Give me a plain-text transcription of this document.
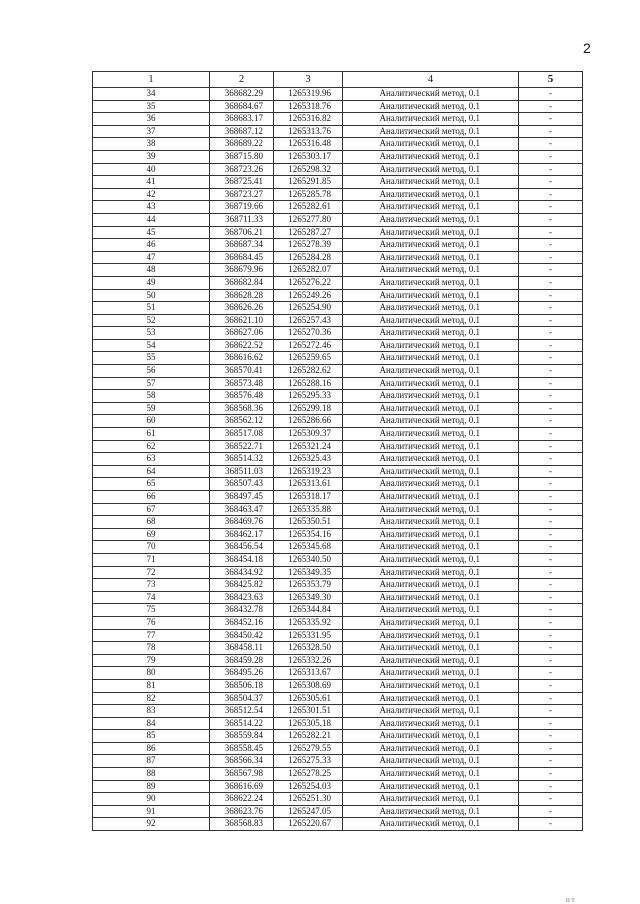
2
1	2	3	4	5
34	368682.29	1265319.96	Аналитический метод, 0.1	-
35	368684.67	1265318.76	Аналитический метод, 0.1	-
36	368683.17	1265316.82	Аналитический метод, 0.1	-
37	368687.12	1265313.76	Аналитический метод, 0.1	-
38	368689.22	1265316.48	Аналитический метод, 0.1	-
39	368715.80	1265303.17	Аналитический метод, 0.1	-
40	368723.26	1265298.32	Аналитический метод, 0.1	-
41	368725.41	1265291.85	Аналитический метод, 0.1	-
42	368723.27	1265285.78	Аналитический метод, 0.1	-
43	368719.66	1265282.61	Аналитический метод, 0.1	-
44	368711.33	1265277.80	Аналитический метод, 0.1	-
45	368706.21	1265287.27	Аналитический метод, 0.1	-
46	368687.34	1265278.39	Аналитический метод, 0.1	-
47	368684.45	1265284.28	Аналитический метод, 0.1	-
48	368679.96	1265282.07	Аналитический метод, 0.1	-
49	368682.84	1265276.22	Аналитический метод, 0.1	-
50	368628.28	1265249.26	Аналитический метод, 0.1	-
51	368626.26	1265254.90	Аналитический метод, 0.1	-
52	368621.10	1265257.43	Аналитический метод, 0.1	-
53	368627.06	1265270.36	Аналитический метод, 0.1	-
54	368622.52	1265272.46	Аналитический метод, 0.1	-
55	368616.62	1265259.65	Аналитический метод, 0.1	-
56	368570.41	1265282.62	Аналитический метод, 0.1	-
57	368573.48	1265288.16	Аналитический метод, 0.1	-
58	368576.48	1265295.33	Аналитический метод, 0.1	-
59	368568.36	1265299.18	Аналитический метод, 0.1	-
60	368562.12	1265286.66	Аналитический метод, 0.1	-
61	368517.08	1265309.37	Аналитический метод, 0.1	-
62	368522.71	1265321.24	Аналитический метод, 0.1	-
63	368514.32	1265325.43	Аналитический метод, 0.1	-
64	368511.03	1265319.23	Аналитический метод, 0.1	-
65	368507.43	1265313.61	Аналитический метод, 0.1	-
66	368497.45	1265318.17	Аналитический метод, 0.1	-
67	368463.47	1265335.88	Аналитический метод, 0.1	-
68	368469.76	1265350.51	Аналитический метод, 0.1	-
69	368462.17	1265354.16	Аналитический метод, 0.1	-
70	368456.54	1265345.68	Аналитический метод, 0.1	-
71	368454.18	1265340.50	Аналитический метод, 0.1	-
72	368434.92	1265349.35	Аналитический метод, 0.1	-
73	368425.82	1265353.79	Аналитический метод, 0.1	-
74	368423.63	1265349.30	Аналитический метод, 0.1	-
75	368432.78	1265344.84	Аналитический метод, 0.1	-
76	368452.16	1265335.92	Аналитический метод, 0.1	-
77	368450.42	1265331.95	Аналитический метод, 0.1	-
78	368458.11	1265328.50	Аналитический метод, 0.1	-
79	368459.28	1265332.26	Аналитический метод, 0.1	-
80	368495.26	1265313.67	Аналитический метод, 0.1	-
81	368506.18	1265308.69	Аналитический метод, 0.1	-
82	368504.37	1265305.61	Аналитический метод, 0.1	-
83	368512.54	1265301.51	Аналитический метод, 0.1	-
84	368514.22	1265305.18	Аналитический метод, 0.1	-
85	368559.84	1265282.21	Аналитический метод, 0.1	-
86	368558.45	1265279.55	Аналитический метод, 0.1	-
87	368566.34	1265275.33	Аналитический метод, 0.1	-
88	368567.98	1265278.25	Аналитический метод, 0.1	-
89	368616.69	1265254.03	Аналитический метод, 0.1	-
90	368622.24	1265251.30	Аналитический метод, 0.1	-
91	368623.76	1265247.05	Аналитический метод, 0.1	-
92	368568.83	1265220.67	Аналитический метод, 0.1	-
п т
